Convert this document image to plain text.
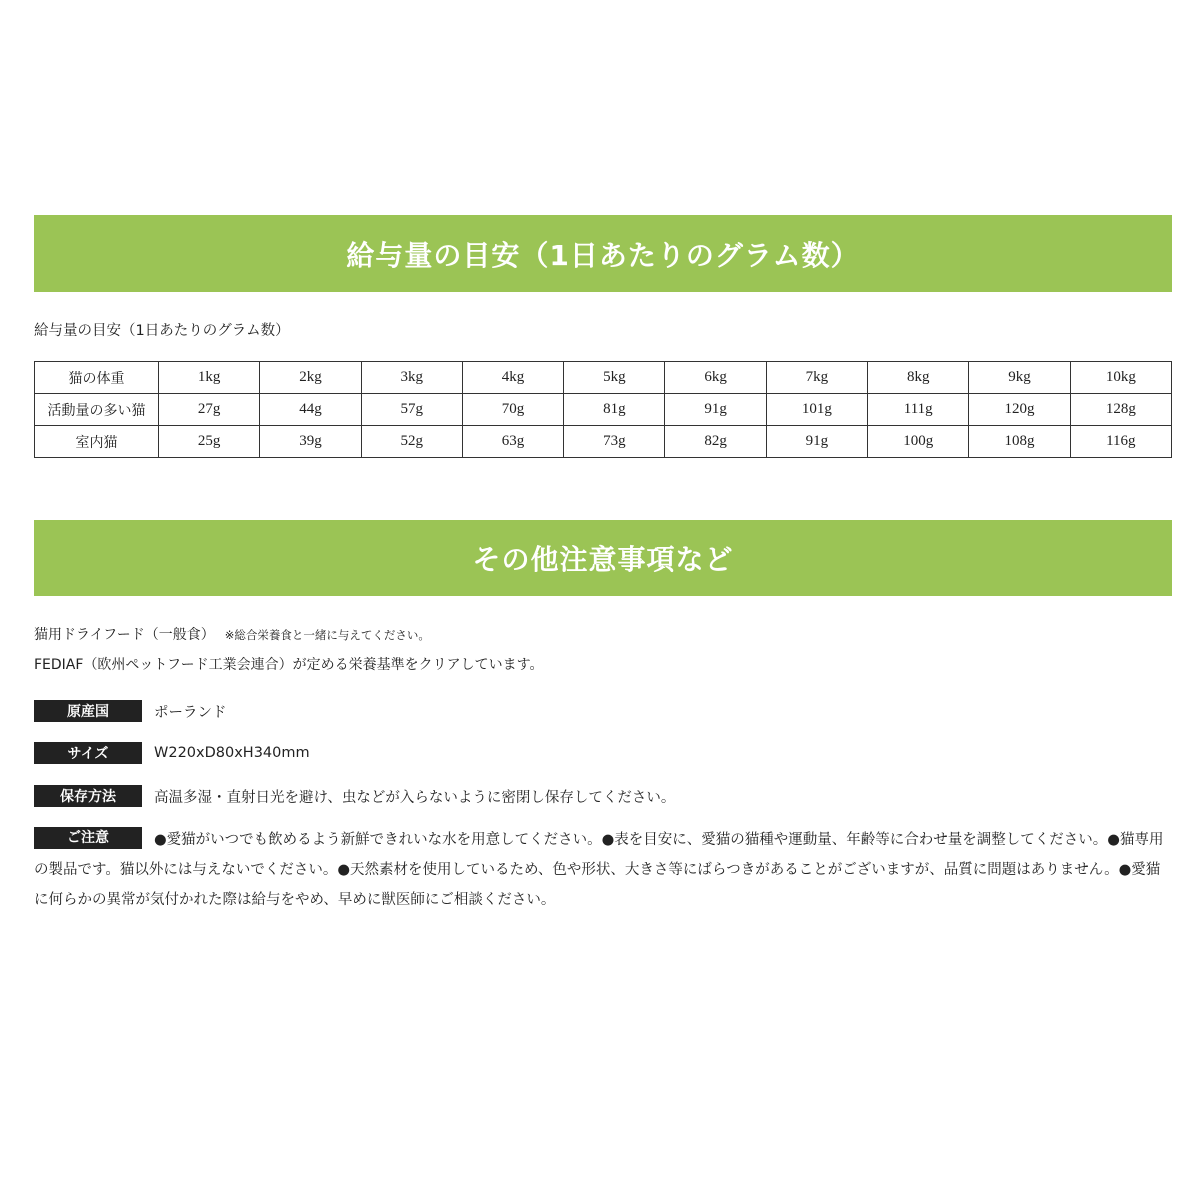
給与量の目安（1日あたりのグラム数）
給与量の目安（1日あたりのグラム数）
猫の体重	1kg	2kg	3kg	4kg	5kg	6kg	7kg	8kg	9kg	10kg
活動量の多い猫	27g	44g	57g	70g	81g	91g	101g	111g	120g	128g
室内猫	25g	39g	52g	63g	73g	82g	91g	100g	108g	116g
その他注意事項など
猫用ドライフード（一般食） ※総合栄養食と一緒に与えてください。
FEDIAF（欧州ペットフード工業会連合）が定める栄養基準をクリアしています。
原産国	ポーランド
サイズ	W220xD80xH340mm
保存方法	高温多湿・直射日光を避け、虫などが入らないように密閉し保存してください。
ご注意	●愛猫がいつでも飲めるよう新鮮できれいな水を用意してください。●表を目安に、愛猫の猫種や運動量、年齢等に合わせ量を調整してください。●猫専用の製品です。猫以外には与えないでください。●天然素材を使用しているため、色や形状、大きさ等にばらつきがあることがございますが、品質に問題はありません。●愛猫に何らかの異常が気付かれた際は給与をやめ、早めに獣医師にご相談ください。
